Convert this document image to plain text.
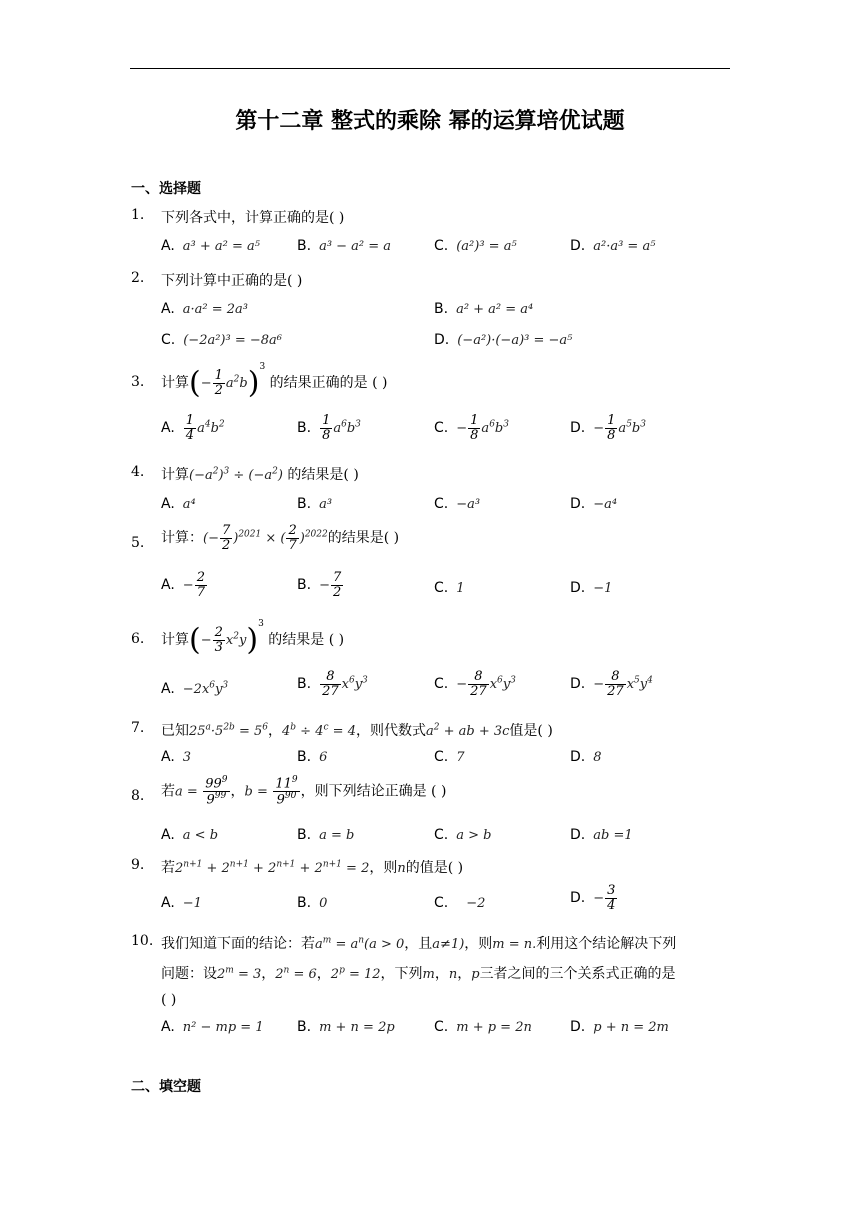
第十二章 整式的乘除 幂的运算培优试题
一、选择题
1. 下列各式中，计算正确的是( )
A. a³ + a² = a⁵	B. a³ − a² = a	C. (a²)³ = a⁵	D. a²·a³ = a⁵
2. 下列计算中正确的是( )
A. a·a² = 2a³	B. a² + a² = a⁴
C. (−2a²)³ = −8a⁶	D. (−a²)·(−a)³ = −a⁵
3. 计算(− $\frac{1}{2} a^2b)^3$ 的结果正确的是 ( )
A. $\frac{1}{4} a^4b^2$	B. $\frac{1}{8} a^6b^3$	C. − $\frac{1}{8} a^6b^3$	D. − $\frac{1}{8} a^5b^3$
4. 计算$(-a^2)^3 \div (-a^2)$ 的结果是( )
A. a⁴	B. a³	C. −a³	D. −a⁴
5. 计算：(− $\frac{7}{2} )^{2021}$ × ( $\frac{2}{7} )^{2022}$的结果是( )
A. − $\frac{2}{7}$	B. − $\frac{7}{2}$	C. 1	D. −1
6. 计算(− $\frac{2}{3} x^2y)^3$ 的结果是 ( )
A. $-2x^6y^3$	B. $\frac{8}{27} x^6y^3$	C. − $\frac{8}{27} x^6y^3$	D. − $\frac{8}{27} x^5y^4$
7. 已知$25^a\cdot 5^{2b} = 5^6$，$4^b \div 4^c = 4$，则代数式$a^2$ + ab + 3c值是( )
A. 3	B. 6	C. 7	D. 8
8. 若$a = \frac{99^9}{9^{99}}$ ，$b = \frac{11^9}{9^{90}}$ ，则下列结论正确是 ( )
A. a < b	B. a = b	C. a > b	D. ab =1
9. 若$2^{n+1} + 2^{n+1} + 2^{n+1} + 2^{n+1} = 2$，则n的值是( )
A. −1	B. 0	C. −2	D. − $\frac{3}{4}$
10. 我们知道下面的结论：若$a^m = a^n(a > 0$，且a≠1)，则m = n.利用这个结论解决下列
问题：设$2^m = 3$，$2^n = 6$，$2^p = 12$，下列m，n，p三者之间的三个关系式正确的是
( )
A. n² − mp = 1 B. m + n = 2p	C. m + p = 2n	D. p + n = 2m
二、填空题
